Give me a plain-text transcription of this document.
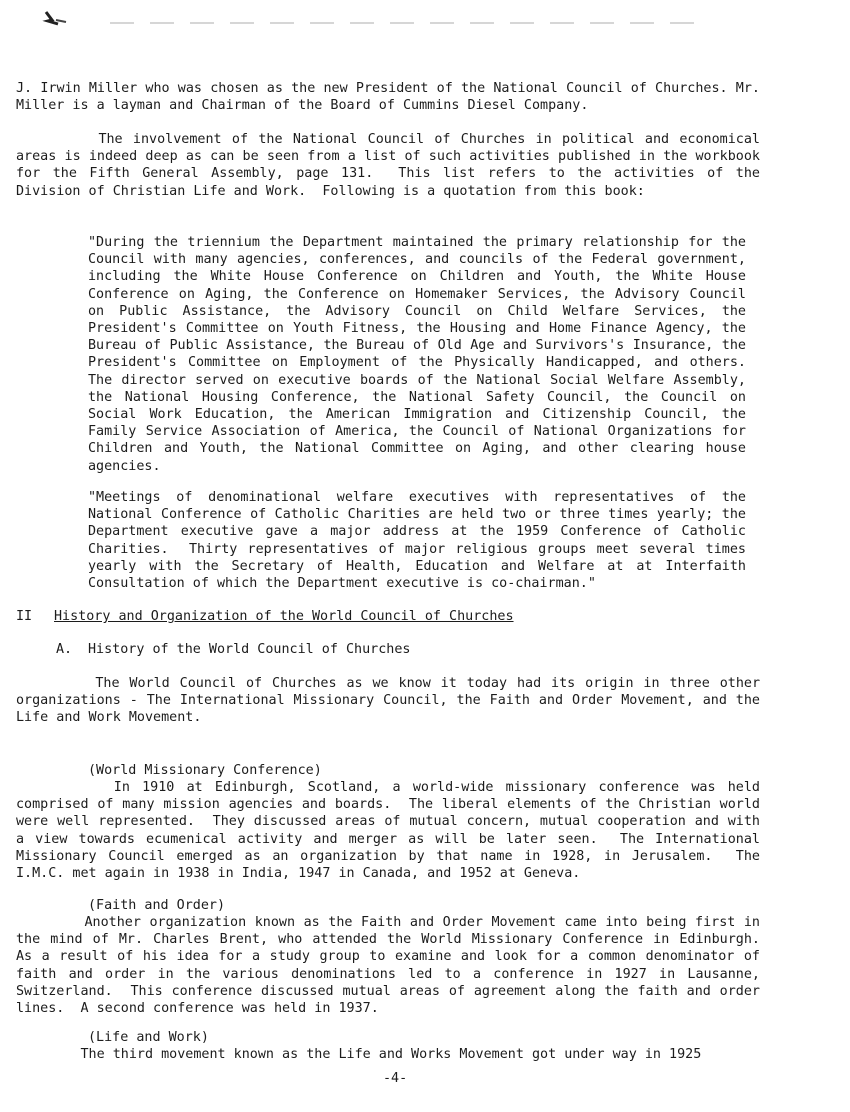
J. Irwin Miller who was chosen as the new President of the National Council of Churches. Mr. Miller is a layman and Chairman of the Board of Cummins Diesel Company.

The involvement of the National Council of Churches in political and economical areas is indeed deep as can be seen from a list of such activities published in the workbook for the Fifth General Assembly, page 131.  This list refers to the activities of the Division of Christian Life and Work.  Following is a quotation from this book:

"During the triennium the Department maintained the primary relationship for the Council with many agencies, conferences, and councils of the Federal government, including the White House Conference on Children and Youth, the White House Conference on Aging, the Conference on Homemaker Services, the Advisory Council on Public Assistance, the Advisory Council on Child Welfare Services, the President's Committee on Youth Fitness, the Housing and Home Finance Agency, the Bureau of Public Assistance, the Bureau of Old Age and Survivors's Insurance, the President's Committee on Employment of the Physically Handicapped, and others.  The director served on executive boards of the National Social Welfare Assembly, the National Housing Conference, the National Safety Council, the Council on Social Work Education, the American Immigration and Citizenship Council, the Family Service Association of America, the Council of National Organizations for Children and Youth, the National Committee on Aging, and other clearing house agencies.

"Meetings of denominational welfare executives with representatives of the National Conference of Catholic Charities are held two or three times yearly; the Department executive gave a major address at the 1959 Conference of Catholic Charities.  Thirty representatives of major religious groups meet several times yearly with the Secretary of Health, Education and Welfare at at Interfaith Consultation of which the Department executive is co-chairman."

II History and Organization of the World Council of Churches

A. History of the World Council of Churches

The World Council of Churches as we know it today had its origin in three other organizations - The International Missionary Council, the Faith and Order Movement, and the Life and Work Movement.

(World Missionary Conference)

In 1910 at Edinburgh, Scotland, a world-wide missionary conference was held comprised of many mission agencies and boards.  The liberal elements of the Christian world were well represented.  They discussed areas of mutual concern, mutual cooperation and with a view towards ecumenical activity and merger as will be later seen.  The International Missionary Council emerged as an organization by that name in 1928, in Jerusalem.  The I.M.C. met again in 1938 in India, 1947 in Canada, and 1952 at Geneva.

(Faith and Order)

Another organization known as the Faith and Order Movement came into being first in the mind of Mr. Charles Brent, who attended the World Missionary Conference in Edinburgh.  As a result of his idea for a study group to examine and look for a common denominator of faith and order in the various denominations led to a conference in 1927 in Lausanne, Switzerland.  This conference discussed mutual areas of agreement along the faith and order lines.  A second conference was held in 1937.

(Life and Work)

The third movement known as the Life and Works Movement got under way in 1925

-4-
